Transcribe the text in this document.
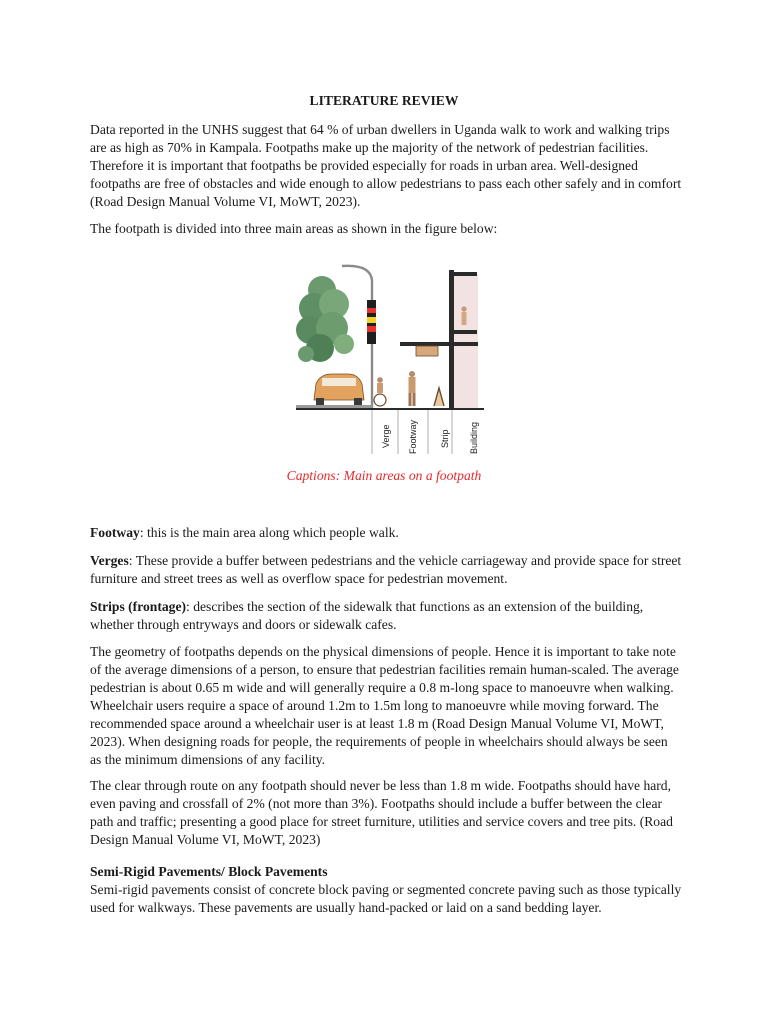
LITERATURE REVIEW

Data reported in the UNHS suggest that 64 % of urban dwellers in Uganda walk to work and walking trips are as high as 70% in Kampala. Footpaths make up the majority of the network of pedestrian facilities. Therefore it is important that footpaths be provided especially for roads in urban area. Well-designed footpaths are free of obstacles and wide enough to allow pedestrians to pass each other safely and in comfort (Road Design Manual Volume VI, MoWT, 2023).

The footpath is divided into three main areas as shown in the figure below:

Verge Footway Strip Building
Captions: Main areas on a footpath

Footway: this is the main area along which people walk.

Verges: These provide a buffer between pedestrians and the vehicle carriageway and provide space for street furniture and street trees as well as overflow space for pedestrian movement.

Strips (frontage): describes the section of the sidewalk that functions as an extension of the building, whether through entryways and doors or sidewalk cafes.

The geometry of footpaths depends on the physical dimensions of people. Hence it is important to take note of the average dimensions of a person, to ensure that pedestrian facilities remain human-scaled. The average pedestrian is about 0.65 m wide and will generally require a 0.8 m-long space to manoeuvre when walking. Wheelchair users require a space of around 1.2m to 1.5m long to manoeuvre while moving forward. The recommended space around a wheelchair user is at least 1.8 m (Road Design Manual Volume VI, MoWT, 2023). When designing roads for people, the requirements of people in wheelchairs should always be seen as the minimum dimensions of any facility.

The clear through route on any footpath should never be less than 1.8 m wide. Footpaths should have hard, even paving and crossfall of 2% (not more than 3%). Footpaths should include a buffer between the clear path and traffic; presenting a good place for street furniture, utilities and service covers and tree pits. (Road Design Manual Volume VI, MoWT, 2023)

Semi-Rigid Pavements/ Block Pavements
Semi-rigid pavements consist of concrete block paving or segmented concrete paving such as those typically used for walkways. These pavements are usually hand-packed or laid on a sand bedding layer.
